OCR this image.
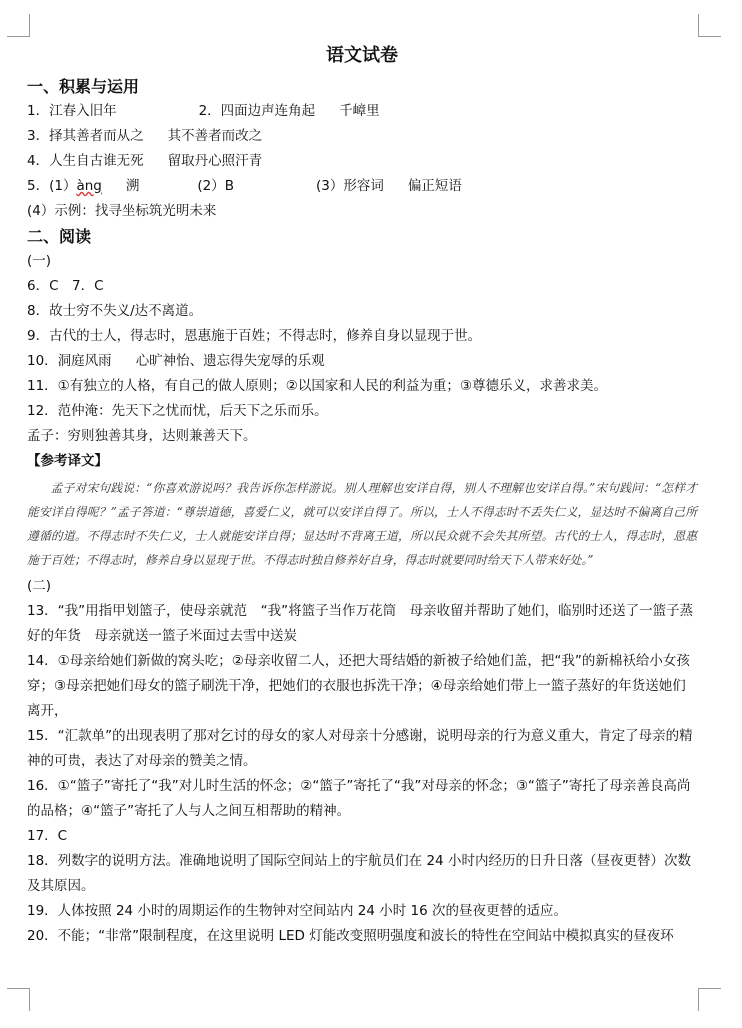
语文试卷
一、积累与运用
1．江春入旧年	2．四面边声连角起 千嶂里
3．择其善者而从之 其不善者而改之
4．人生自古谁无死 留取丹心照汗青
5．(1）àng 溯	(2）B	(3）形容词 偏正短语
(4）示例：找寻坐标筑光明未来
二、阅读
(一)
6．C　7．C
8．故士穷不失义/达不离道。
9．古代的士人，得志时，恩惠施于百姓；不得志时，修养自身以显现于世。
10．洞庭风雨 心旷神怡、遗忘得失宠辱的乐观
11．①有独立的人格，有自己的做人原则；②以国家和人民的利益为重；③尊德乐义，求善求美。
12．范仲淹：先天下之忧而忧，后天下之乐而乐。
孟子：穷则独善其身，达则兼善天下。
【参考译文】
孟子对宋句践说：“你喜欢游说吗？我告诉你怎样游说。别人理解也安详自得，别人不理解也安详自得。”宋句践问：“怎样才能安详自得呢？”孟子答道：“尊崇道德，喜爱仁义，就可以安详自得了。所以，士人不得志时不丢失仁义，显达时不偏离自己所遵循的道。不得志时不失仁义，士人就能安详自得；显达时不背离王道，所以民众就不会失其所望。古代的士人，得志时，恩惠施于百姓；不得志时，修养自身以显现于世。不得志时独自修养好自身，得志时就要同时给天下人带来好处。”
(二)
13．“我”用指甲划篮子，使母亲就范　“我”将篮子当作万花筒　母亲收留并帮助了她们，临别时还送了一篮子蒸好的年货　母亲就送一篮子米面过去雪中送炭
14．①母亲给她们新做的窝头吃；②母亲收留二人，还把大哥结婚的新被子给她们盖，把“我”的新棉袄给小女孩穿；③母亲把她们母女的篮子刷洗干净，把她们的衣服也拆洗干净；④母亲给她们带上一篮子蒸好的年货送她们离开，
15．“汇款单”的出现表明了那对乞讨的母女的家人对母亲十分感谢，说明母亲的行为意义重大，肯定了母亲的精神的可贵，表达了对母亲的赞美之情。
16．①“篮子”寄托了“我”对儿时生活的怀念；②“篮子”寄托了“我”对母亲的怀念；③“篮子”寄托了母亲善良高尚的品格；④“篮子”寄托了人与人之间互相帮助的精神。
17．C
18．列数字的说明方法。准确地说明了国际空间站上的宇航员们在 24 小时内经历的日升日落（昼夜更替）次数及其原因。
19．人体按照 24 小时的周期运作的生物钟对空间站内 24 小时 16 次的昼夜更替的适应。
20．不能；“非常”限制程度，在这里说明 LED 灯能改变照明强度和波长的特性在空间站中模拟真实的昼夜环
